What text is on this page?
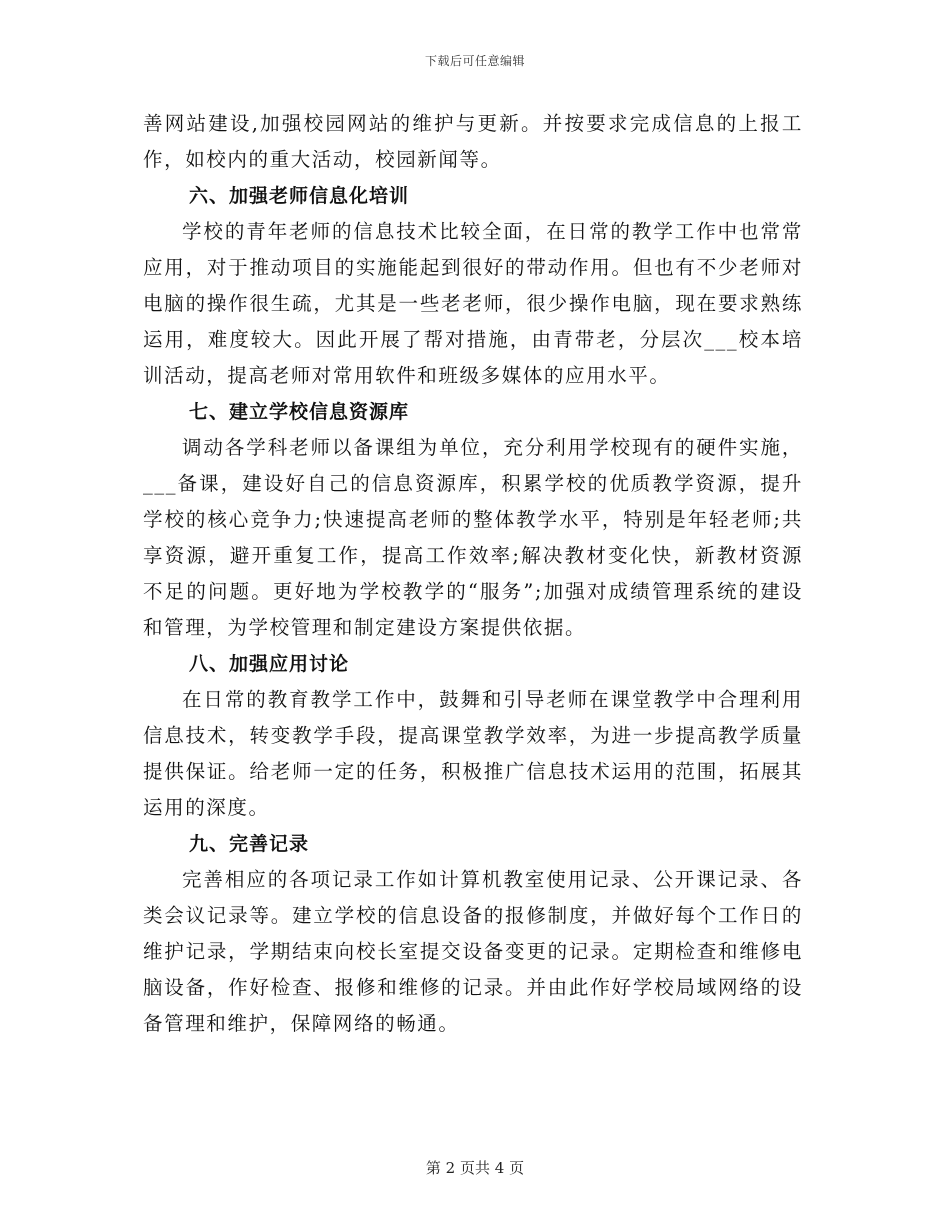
下载后可任意编辑

善网站建设,加强校园网站的维护与更新。并按要求完成信息的上报工作，如校内的重大活动，校园新闻等。

六、加强老师信息化培训

学校的青年老师的信息技术比较全面，在日常的教学工作中也常常应用，对于推动项目的实施能起到很好的带动作用。但也有不少老师对电脑的操作很生疏，尤其是一些老老师，很少操作电脑，现在要求熟练运用，难度较大。因此开展了帮对措施，由青带老，分层次___校本培训活动，提高老师对常用软件和班级多媒体的应用水平。

七、建立学校信息资源库

调动各学科老师以备课组为单位，充分利用学校现有的硬件实施，___备课，建设好自己的信息资源库，积累学校的优质教学资源，提升学校的核心竞争力;快速提高老师的整体教学水平，特别是年轻老师;共享资源，避开重复工作，提高工作效率;解决教材变化快，新教材资源不足的问题。更好地为学校教学的“服务”;加强对成绩管理系统的建设和管理，为学校管理和制定建设方案提供依据。

八、加强应用讨论

在日常的教育教学工作中，鼓舞和引导老师在课堂教学中合理利用信息技术，转变教学手段，提高课堂教学效率，为进一步提高教学质量提供保证。给老师一定的任务，积极推广信息技术运用的范围，拓展其运用的深度。

九、完善记录

完善相应的各项记录工作如计算机教室使用记录、公开课记录、各类会议记录等。建立学校的信息设备的报修制度，并做好每个工作日的维护记录，学期结束向校长室提交设备变更的记录。定期检查和维修电脑设备，作好检查、报修和维修的记录。并由此作好学校局域网络的设备管理和维护，保障网络的畅通。

第 2 页共 4 页
